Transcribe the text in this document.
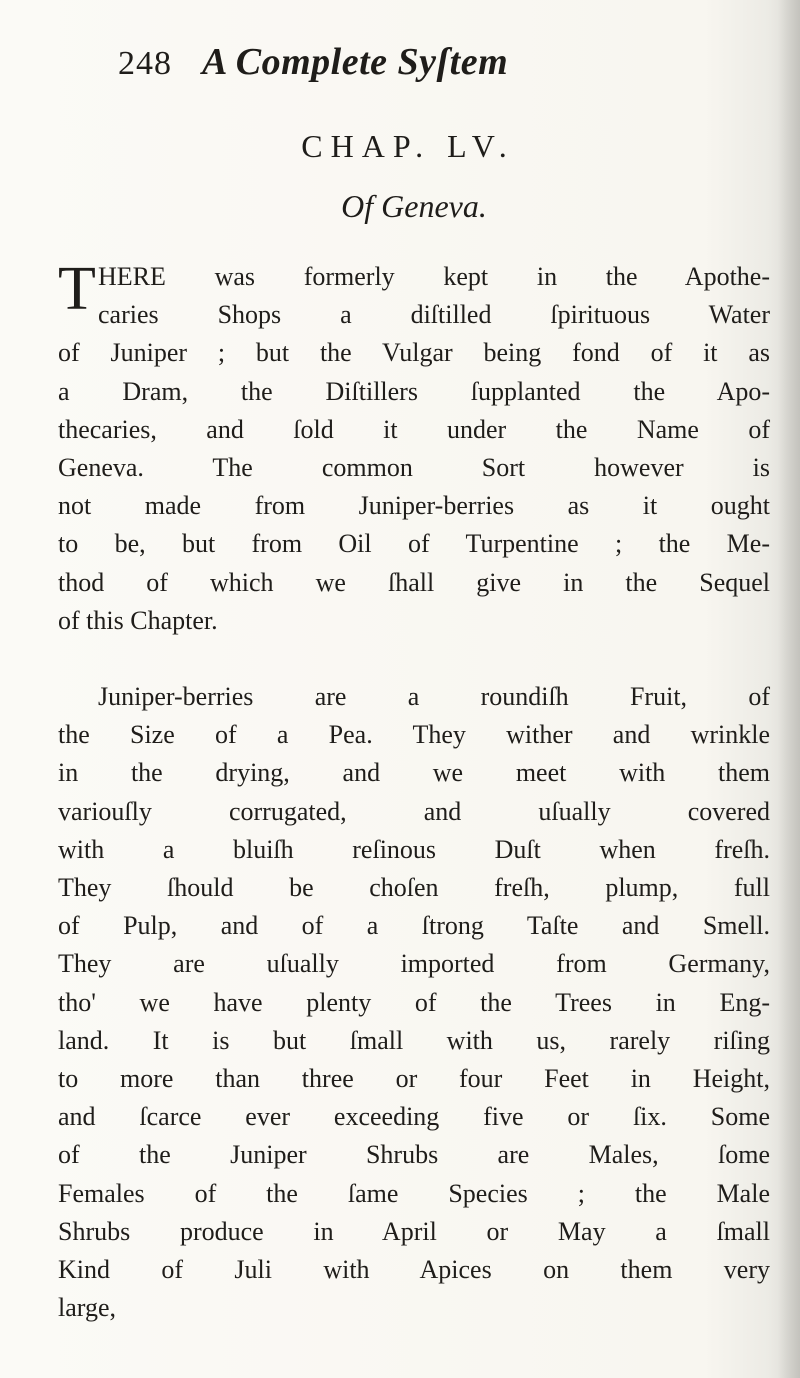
248 A Complete Syſtem
CHAP. LV.
Of Geneva.
T HERE was formerly kept in the Apothe-
caries Shops a diſtilled ſpirituous Water
of Juniper ; but the Vulgar being fond of it as
a Dram, the Diſtillers ſupplanted the Apo-
thecaries, and ſold it under the Name of
Geneva. The common Sort however is
not made from Juniper-berries as it ought
to be, but from Oil of Turpentine ; the Me-
thod of which we ſhall give in the Sequel
of this Chapter.
Juniper-berries are a roundiſh Fruit, of
the Size of a Pea. They wither and wrinkle
in the drying, and we meet with them
variouſly corrugated, and uſually covered
with a bluiſh reſinous Duſt when freſh.
They ſhould be choſen freſh, plump, full
of Pulp, and of a ſtrong Taſte and Smell.
They are uſually imported from Germany,
tho' we have plenty of the Trees in Eng-
land. It is but ſmall with us, rarely riſing
to more than three or four Feet in Height,
and ſcarce ever exceeding five or ſix. Some
of the Juniper Shrubs are Males, ſome
Females of the ſame Species ; the Male
Shrubs produce in April or May a ſmall
Kind of Juli with Apices on them very
large,
